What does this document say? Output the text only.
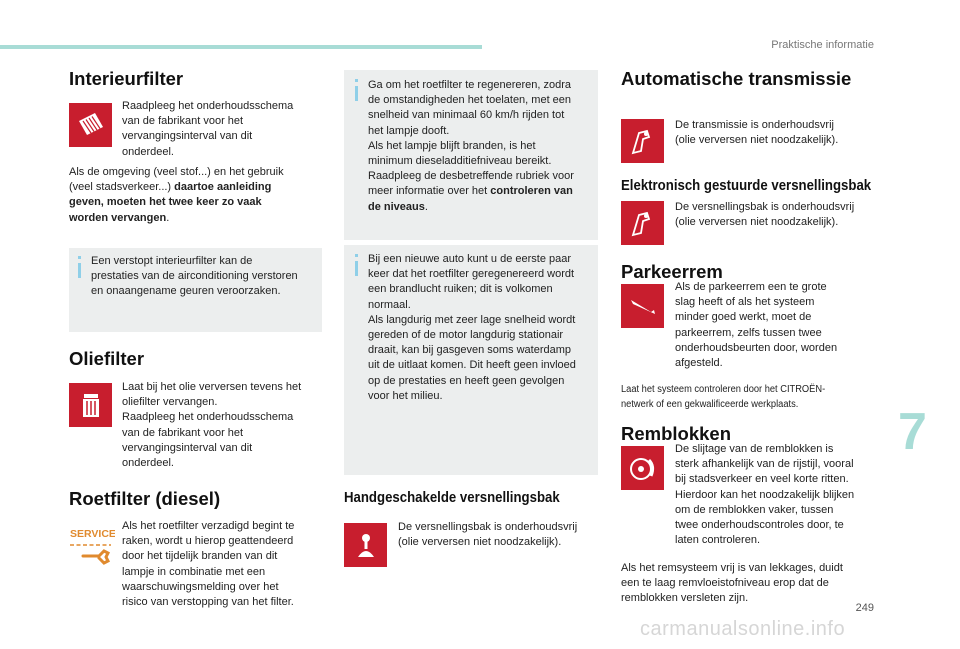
Praktische informatie
7
249
carmanualsonline.info
Interieurfilter
Raadpleeg het onderhoudsschema
van de fabrikant voor het
vervangingsinterval van dit
onderdeel.
Als de omgeving (veel stof...) en het gebruik
(veel stadsverkeer...) daartoe aanleiding
geven, moeten het twee keer zo vaak
worden vervangen.
Een verstopt interieurfilter kan de
prestaties van de airconditioning verstoren
en onaangename geuren veroorzaken.
Oliefilter
Laat bij het olie verversen tevens het
oliefilter vervangen.
Raadpleeg het onderhoudsschema
van de fabrikant voor het
vervangingsinterval van dit
onderdeel.
Roetfilter (diesel)
SERVICE
Als het roetfilter verzadigd begint te
raken, wordt u hierop geattendeerd
door het tijdelijk branden van dit
lampje in combinatie met een
waarschuwingsmelding over het
risico van verstopping van het filter.
Ga om het roetfilter te regenereren, zodra
de omstandigheden het toelaten, met een
snelheid van minimaal 60 km/h rijden tot
het lampje dooft.
Als het lampje blijft branden, is het
minimum dieseladditiefniveau bereikt.
Raadpleeg de desbetreffende rubriek voor
meer informatie over het controleren van
de niveaus.
Bij een nieuwe auto kunt u de eerste paar
keer dat het roetfilter geregenereerd wordt
een brandlucht ruiken; dit is volkomen
normaal.
Als langdurig met zeer lage snelheid wordt
gereden of de motor langdurig stationair
draait, kan bij gasgeven soms waterdamp
uit de uitlaat komen. Dit heeft geen invloed
op de prestaties en heeft geen gevolgen
voor het milieu.
Handgeschakelde versnellingsbak
De versnellingsbak is onderhoudsvrij
(olie verversen niet noodzakelijk).
Automatische transmissie
De transmissie is onderhoudsvrij
(olie verversen niet noodzakelijk).
Elektronisch gestuurde versnellingsbak
De versnellingsbak is onderhoudsvrij
(olie verversen niet noodzakelijk).
Parkeerrem
Als de parkeerrem een te grote
slag heeft of als het systeem
minder goed werkt, moet de
parkeerrem, zelfs tussen twee
onderhoudsbeurten door, worden
afgesteld.
Laat het systeem controleren door het CITROËN-
netwerk of een gekwalificeerde werkplaats.
Remblokken
De slijtage van de remblokken is
sterk afhankelijk van de rijstijl, vooral
bij stadsverkeer en veel korte ritten.
Hierdoor kan het noodzakelijk blijken
om de remblokken vaker, tussen
twee onderhoudscontroles door, te
laten controleren.
Als het remsysteem vrij is van lekkages, duidt
een te laag remvloeistofniveau erop dat de
remblokken versleten zijn.
